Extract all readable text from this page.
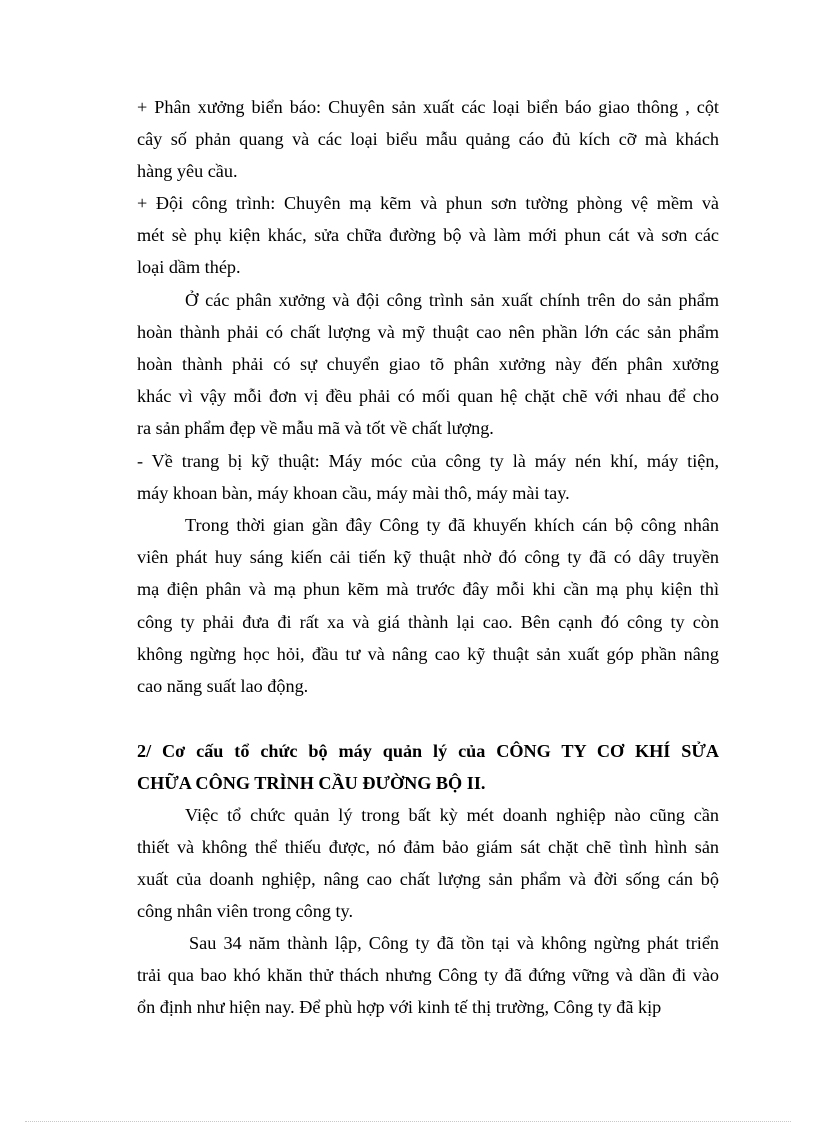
+ Phân xưởng biển báo: Chuyên sản xuất các loại biển báo giao thông , cột
cây số phản quang và các loại biểu mẫu quảng cáo đủ kích cỡ mà khách
hàng yêu cầu.
+ Đội công trình: Chuyên mạ kẽm và phun sơn tường phòng vệ mềm và
mét sè phụ kiện khác, sửa chữa đường bộ và làm mới phun cát và sơn các
loại dầm thép.
Ở các phân xưởng và đội công trình sản xuất chính trên do sản phẩm
hoàn thành phải có chất lượng và mỹ thuật cao nên phần lớn các sản phẩm
hoàn thành phải có sự chuyển giao tõ phân xưởng này đến phân xưởng
khác vì vậy mỗi đơn vị đều phải có mối quan hệ chặt chẽ với nhau để cho
ra sản phẩm đẹp về mẫu mã và tốt về chất lượng.
- Về trang bị kỹ thuật: Máy móc của công ty là máy nén khí, máy tiện,
máy khoan bàn, máy khoan cầu, máy mài thô, máy mài tay.
Trong thời gian gần đây Công ty đã khuyến khích cán bộ công nhân
viên phát huy sáng kiến cải tiến kỹ thuật nhờ đó công ty đã có dây truyền
mạ điện phân và mạ phun kẽm mà trước đây mỗi khi cần mạ phụ kiện thì
công ty phải đưa đi rất xa và giá thành lại cao. Bên cạnh đó công ty còn
không ngừng học hỏi, đầu tư và nâng cao kỹ thuật sản xuất góp phần nâng
cao năng suất lao động.
2/ Cơ cấu tổ chức bộ máy quản lý của CÔNG TY CƠ KHÍ SỬA
CHỮA CÔNG TRÌNH CẦU ĐƯỜNG BỘ II.
Việc tổ chức quản lý trong bất kỳ mét doanh nghiệp nào cũng cần
thiết và không thể thiếu được, nó đảm bảo giám sát chặt chẽ tình hình sản
xuất của doanh nghiệp, nâng cao chất lượng sản phẩm và đời sống cán bộ
công nhân viên trong công ty.
Sau 34 năm thành lập, Công ty đã tồn tại và không ngừng phát triển
trải qua bao khó khăn thử thách nhưng Công ty đã đứng vững và dần đi vào
ổn định như hiện nay. Để phù hợp với kinh tế thị trường, Công ty đã kịp
